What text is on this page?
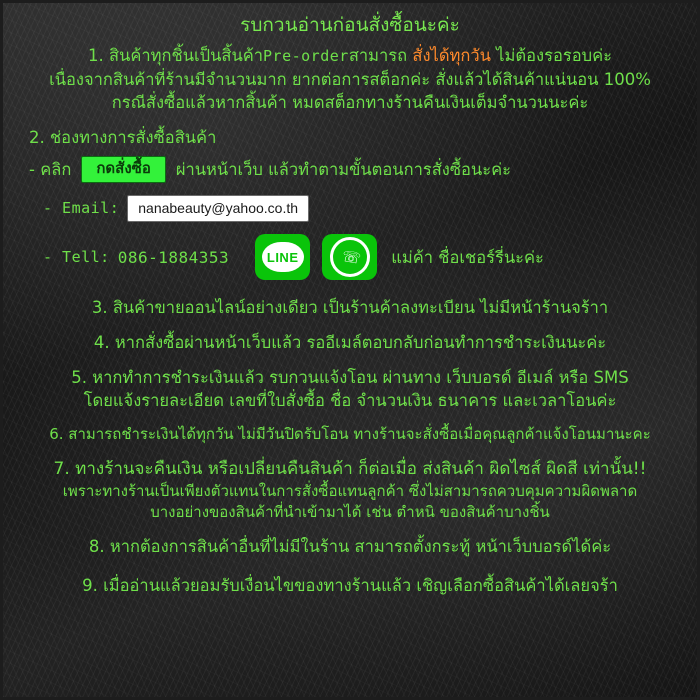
รบกวนอ่านก่อนสั่งซื้อนะค่ะ
1. สินค้าทุกชิ้นเป็นสิ้นค้าPre-orderสามารถ สั่งได้ทุกวัน ไม่ต้องรอรอบค่ะ
เนื่องจากสินค้าที่ร้านมีจำนวนมาก ยากต่อการสต็อกค่ะ สั่งแล้วได้สินค้าแน่นอน 100%
กรณีสั่งซื้อแล้วหากสิ้นค้า หมดสต็อกทางร้านคืนเงินเต็มจำนวนนะค่ะ
2. ช่องทางการสั่งซื้อสินค้า
- คลิก	กดสั่งซื้อ	ผ่านหน้าเว็บ แล้วทำตามขั้นตอนการสั่งซื้อนะค่ะ
- Email:	nanabeauty@yahoo.co.th
- Tell: 086-1884353	LINE	☏ แม่ค้า ชื่อเชอร์รี่นะค่ะ
3. สินค้าขายออนไลน์อย่างเดียว เป็นร้านค้าลงทะเบียน ไม่มีหน้าร้านจร้าา
4. หากสั่งซื้อผ่านหน้าเว็บแล้ว รออีเมล์ตอบกลับก่อนทำการชำระเงินนะค่ะ
5. หากทำการชำระเงินแล้ว รบกวนแจ้งโอน ผ่านทาง เว็บบอรด์ อีเมล์ หรือ SMS
โดยแจ้งรายละเอียด เลขที่ใบสั่งซื้อ ชื่อ จำนวนเงิน ธนาคาร และเวลาโอนค่ะ
6. สามารถชำระเงินได้ทุกวัน ไม่มีวันปิดรับโอน ทางร้านจะสั่งซื้อเมื่อคุณลูกค้าแจ้งโอนมานะคะ
7. ทางร้านจะคืนเงิน หรือเปลี่ยนคืนสินค้า ก็ต่อเมื่อ ส่งสินค้า ผิดไซส์ ผิดสี เท่านั้น!!
เพราะทางร้านเป็นเพียงตัวแทนในการสั่งซื้อแทนลูกค้า ซึ่งไม่สามารถควบคุมความผิดพลาด
บางอย่างของสินค้าที่นำเข้ามาได้ เช่น ตำหนิ ของสินค้าบางชิ้น
8. หากต้องการสินค้าอื่นที่ไม่มีในร้าน สามารถตั้งกระทู้ หน้าเว็บบอรด์ได้ค่ะ
9. เมื่ออ่านแล้วยอมรับเงื่อนไขของทางร้านแล้ว เชิญเลือกซื้อสินค้าได้เลยจร้า
